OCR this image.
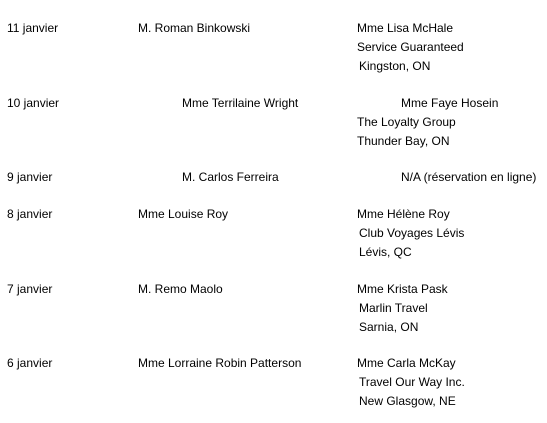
11 janvier	M. Roman Binkowski	Mme Lisa McHale
Service Guaranteed
Kingston, ON
10 janvier	Mme Terrilaine Wright	Mme Faye Hosein
The Loyalty Group
Thunder Bay, ON
9 janvier	M. Carlos Ferreira	N/A (réservation en ligne)
8 janvier	Mme Louise Roy	Mme Hélène Roy
Club Voyages Lévis
Lévis, QC
7 janvier	M. Remo Maolo	Mme Krista Pask
Marlin Travel
Sarnia, ON
6 janvier	Mme Lorraine Robin Patterson	Mme Carla McKay
Travel Our Way Inc.
New Glasgow, NE
